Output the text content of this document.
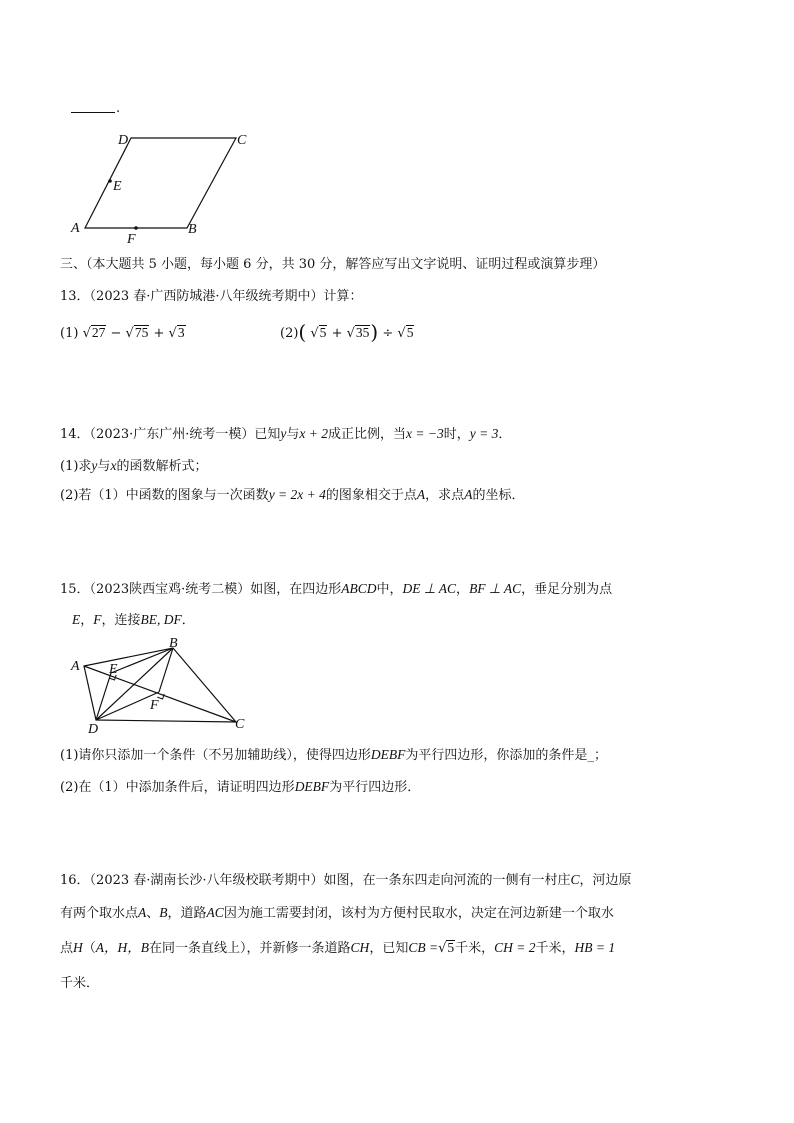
.
D	C
E
A
F
B
三、（本大题共 5 小题，每小题 6 分，共 30 分，解答应写出文字说明、证明过程或演算步理）
13．（2023 春·广西防城港·八年级统考期中）计算：
(1) √27 − √75 + √3	(2)( √5 + √35) ÷ √5
14．（2023·广东广州·统考一模）已知y与x + 2成正比例，当x = −3时，y = 3．
(1)求y与x的函数解析式；
(2)若（1）中函数的图象与一次函数y = 2x + 4的图象相交于点A，求点A的坐标．
15．（2023陕西宝鸡·统考二模）如图，在四边形ABCD中，DE ⊥ AC，BF ⊥ AC，垂足分别为点
E，F，连接BE, DF．
A
B
E
F
D	C
(1)请你只添加一个条件（不另加辅助线），使得四边形DEBF为平行四边形，你添加的条件是_；
(2)在（1）中添加条件后，请证明四边形DEBF为平行四边形．
16．（2023 春·湖南长沙·八年级校联考期中）如图，在一条东四走向河流的一侧有一村庄C，河边原
有两个取水点A、B，道路AC因为施工需要封闭，该村为方便村民取水，决定在河边新建一个取水
点H（A，H，B在同一条直线上），并新修一条道路CH，已知CB =√5千米，CH = 2千米，HB = 1
千米．
